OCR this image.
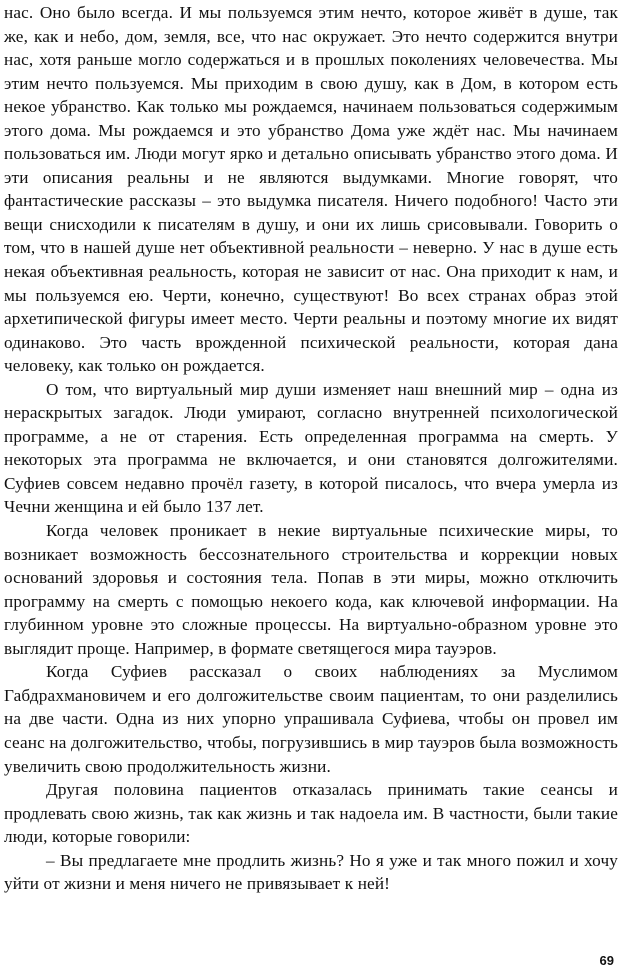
нас. Оно было всегда. И мы пользуемся этим нечто, которое живёт в душе, так же, как и небо, дом, земля, все, что нас окружает. Это нечто содержится внутри нас, хотя раньше могло содержаться и в прошлых поколениях человечества. Мы этим нечто пользуемся. Мы приходим в свою душу, как в Дом, в котором есть некое убранство. Как только мы рождаемся, начинаем пользоваться содержимым этого дома. Мы рождаемся и это убранство Дома уже ждёт нас. Мы начинаем пользоваться им. Люди могут ярко и детально описывать убранство этого дома. И эти описания реальны и не являются выдумками. Многие говорят, что фантастические рассказы – это выдумка писателя. Ничего подобного! Часто эти вещи снисходили к писателям в душу, и они их лишь срисовывали. Говорить о том, что в нашей душе нет объективной реальности – неверно. У нас в душе есть некая объективная реальность, которая не зависит от нас. Она приходит к нам, и мы пользуемся ею. Черти, конечно, существуют! Во всех странах образ этой архетипической фигуры имеет место. Черти реальны и поэтому многие их видят одинаково. Это часть врожденной психической реальности, которая дана человеку, как только он рождается.

О том, что виртуальный мир души изменяет наш внешний мир – одна из нераскрытых загадок. Люди умирают, согласно внутренней психологической программе, а не от старения. Есть определенная программа на смерть. У некоторых эта программа не включается, и они становятся долгожителями. Суфиев совсем недавно прочёл газету, в которой писалось, что вчера умерла из Чечни женщина и ей было 137 лет.

Когда человек проникает в некие виртуальные психические миры, то возникает возможность бессознательного строительства и коррекции новых оснований здоровья и состояния тела. Попав в эти миры, можно отключить программу на смерть с помощью некоего кода, как ключевой информации. На глубинном уровне это сложные процессы. На виртуально-образном уровне это выглядит проще. Например, в формате светящегося мира тауэров.

Когда Суфиев рассказал о своих наблюдениях за Муслимом Габдрахмановичем и его долгожительстве своим пациентам, то они разделились на две части. Одна из них упорно упрашивала Суфиева, чтобы он провел им сеанс на долгожительство, чтобы, погрузившись в мир тауэров была возможность увеличить свою продолжительность жизни.

Другая половина пациентов отказалась принимать такие сеансы и продлевать свою жизнь, так как жизнь и так надоела им. В частности, были такие люди, которые говорили:

– Вы предлагаете мне продлить жизнь? Но я уже и так много пожил и хочу уйти от жизни и меня ничего не привязывает к ней!

69
